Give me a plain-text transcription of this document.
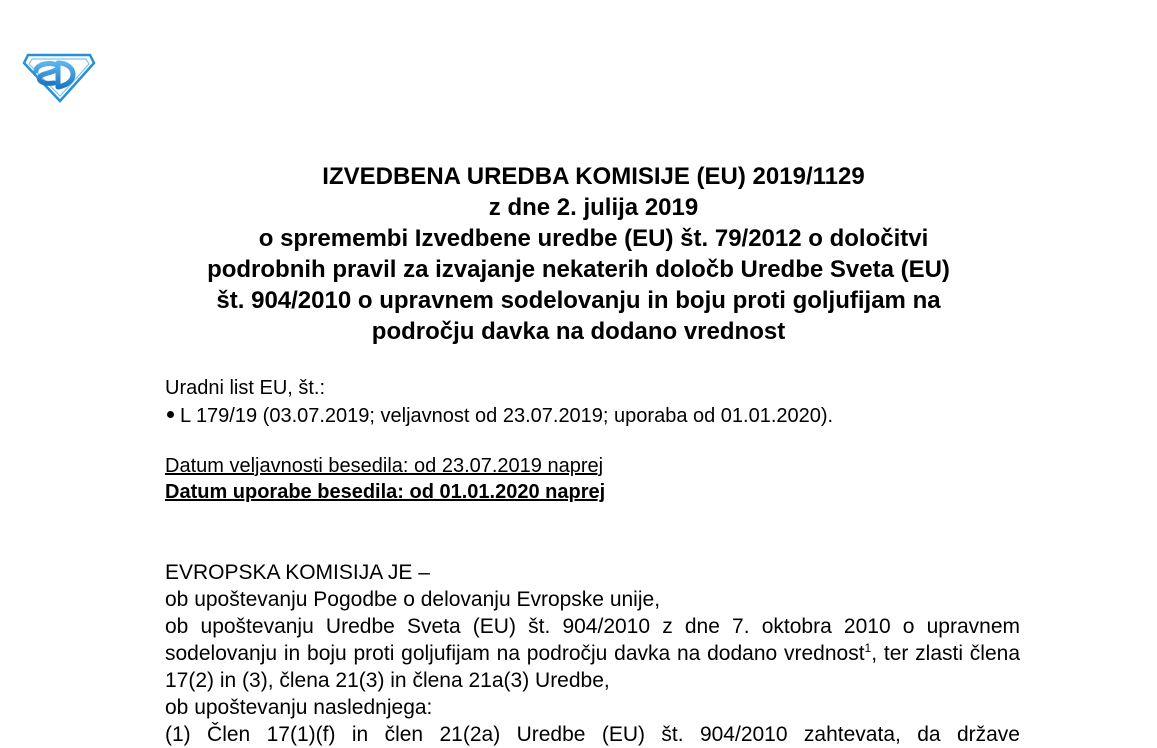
IZVEDBENA UREDBA KOMISIJE (EU) 2019/1129
z dne 2. julija 2019
o spremembi Izvedbene uredbe (EU) št. 79/2012 o določitvi
podrobnih pravil za izvajanje nekaterih določb Uredbe Sveta (EU)
št. 904/2010 o upravnem sodelovanju in boju proti goljufijam na
področju davka na dodano vrednost
Uradni list EU, št.:
L 179/19 (03.07.2019; veljavnost od 23.07.2019; uporaba od 01.01.2020).
Datum veljavnosti besedila: od 23.07.2019 naprej
Datum uporabe besedila: od 01.01.2020 naprej

EVROPSKA KOMISIJA JE –

ob upoštevanju Pogodbe o delovanju Evropske unije,

ob upoštevanju Uredbe Sveta (EU) št. 904/2010 z dne 7. oktobra 2010 o upravnem sodelovanju in boju proti goljufijam na področju davka na dodano vrednost$^1$, ter zlasti člena 17(2) in (3), člena 21(3) in člena 21a(3) Uredbe,

ob upoštevanju naslednjega:

(1) Člen 17(1)(f) in člen 21(2a) Uredbe (EU) št. 904/2010 zahtevata, da države
